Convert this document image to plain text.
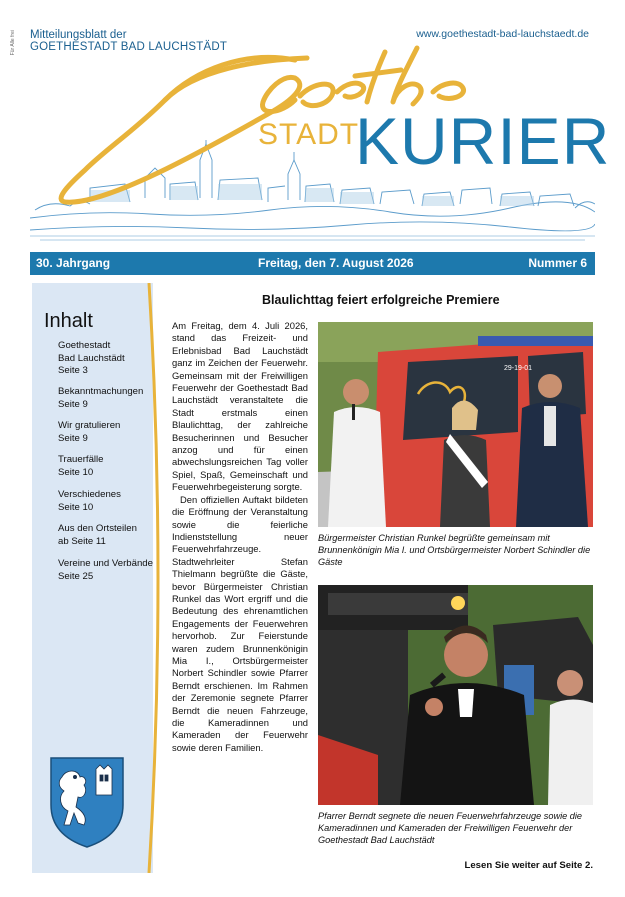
Für Alle frei	Mitteilungsblatt der
GOETHESTADT BAD LAUCHSTÄDT
www.goethestadt-bad-lauchstaedt.de
STADT
KURIER
30. Jahrgang	Freitag, den 7. August 2026	Nummer 6
Inhalt
Goethestadt
Bad Lauchstädt
Seite 3
Bekanntmachungen
Seite 9
Wir gratulieren
Seite 9
Trauerfälle
Seite 10
Verschiedenes
Seite 10
Aus den Ortsteilen
ab Seite 11
Vereine und Verbände
Seite 25
Blaulichttag feiert erfolgreiche Premiere

Am Freitag, dem 4. Juli 2026, stand das Freizeit- und Erlebnisbad Bad Lauchstädt ganz im Zeichen der Feuerwehr. Gemeinsam mit der Freiwilligen Feuerwehr der Goethestadt Bad Lauchstädt veranstaltete die Stadt erstmals einen Blaulichttag, der zahlreiche Besucherinnen und Besucher anzog und für einen abwechslungsreichen Tag voller Spiel, Spaß, Gemeinschaft und Feuerwehrbegeisterung sorgte.

Den offiziellen Auftakt bildeten die Eröffnung der Veranstaltung sowie die feierliche Indienststellung neuer Feuerwehrfahrzeuge. Stadtwehrleiter Stefan Thielmann begrüßte die Gäste, bevor Bürgermeister Christian Runkel das Wort ergriff und die Bedeutung des ehrenamtlichen Engagements der Feuerwehren hervorhob. Zur Feierstunde waren zudem Brunnenkönigin Mia I., Ortsbürgermeister Norbert Schindler sowie Pfarrer Berndt erschienen. Im Rahmen der Zeremonie segnete Pfarrer Berndt die neuen Fahrzeuge, die Kameradinnen und Kameraden der Feuerwehr sowie deren Familien.

29-19-01
Bürgermeister Christian Runkel begrüßte gemeinsam mit Brunnenkönigin Mia I. und Ortsbürgermeister Norbert Schindler die Gäste
Pfarrer Berndt segnete die neuen Feuerwehrfahrzeuge sowie die Kameradinnen und Kameraden der Freiwilligen Feuerwehr der Goethestadt Bad Lauchstädt
Lesen Sie weiter auf Seite 2.
